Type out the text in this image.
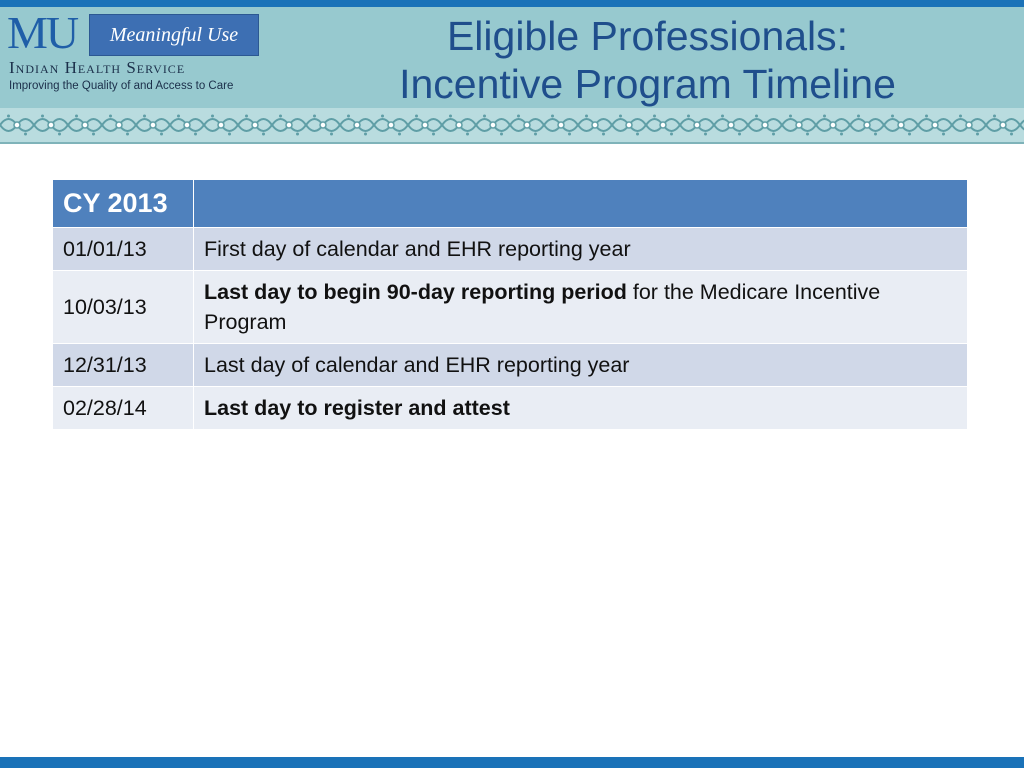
MU	Meaningful Use
Indian Health Service
Improving the Quality of and Access to Care
Eligible Professionals:
Incentive Program Timeline
CY 2013	
01/01/13	First day of calendar and EHR reporting year
10/03/13	Last day to begin 90-day reporting period for the Medicare Incentive Program
12/31/13	Last day of calendar and EHR reporting year
02/28/14	Last day to register and attest
